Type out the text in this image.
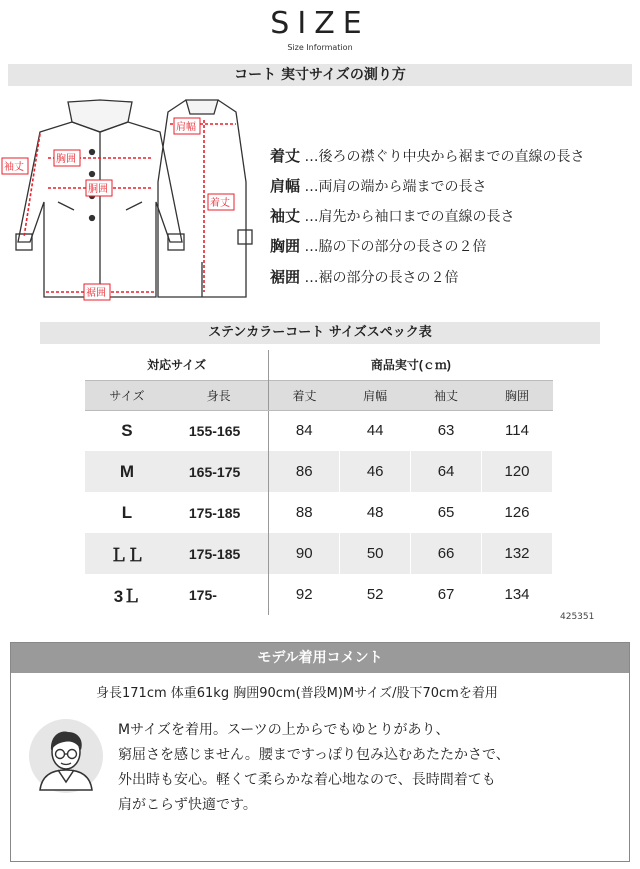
SIZE
Size Information
コート 実寸サイズの測り方
袖丈
胸囲
胴囲
裾囲
肩幅
着丈
着丈 …後ろの襟ぐり中央から裾までの直線の長さ
肩幅 …両肩の端から端までの長さ
袖丈 …肩先から袖口までの直線の長さ
胸囲 …脇の下の部分の長さの２倍
裾囲 …裾の部分の長さの２倍
ステンカラーコート サイズスペック表
対応サイズ		商品実寸(ｃｍ)			
サイズ	身長	着丈	肩幅	袖丈	胸囲
S	155-165	84	44	63	114
M	165-175	86	46	64	120
L	175-185	88	48	65	126
ＬＬ	175-185	90	50	66	132
3Ｌ	175-	92	52	67	134
425351
モデル着用コメント
身長171cm 体重61kg 胸囲90cm(普段M)Mサイズ/股下70cmを着用
Mサイズを着用。スーツの上からでもゆとりがあり、
窮屈さを感じません。腰まですっぽり包み込むあたたかさで、
外出時も安心。軽くて柔らかな着心地なので、長時間着ても
肩がこらず快適です。
